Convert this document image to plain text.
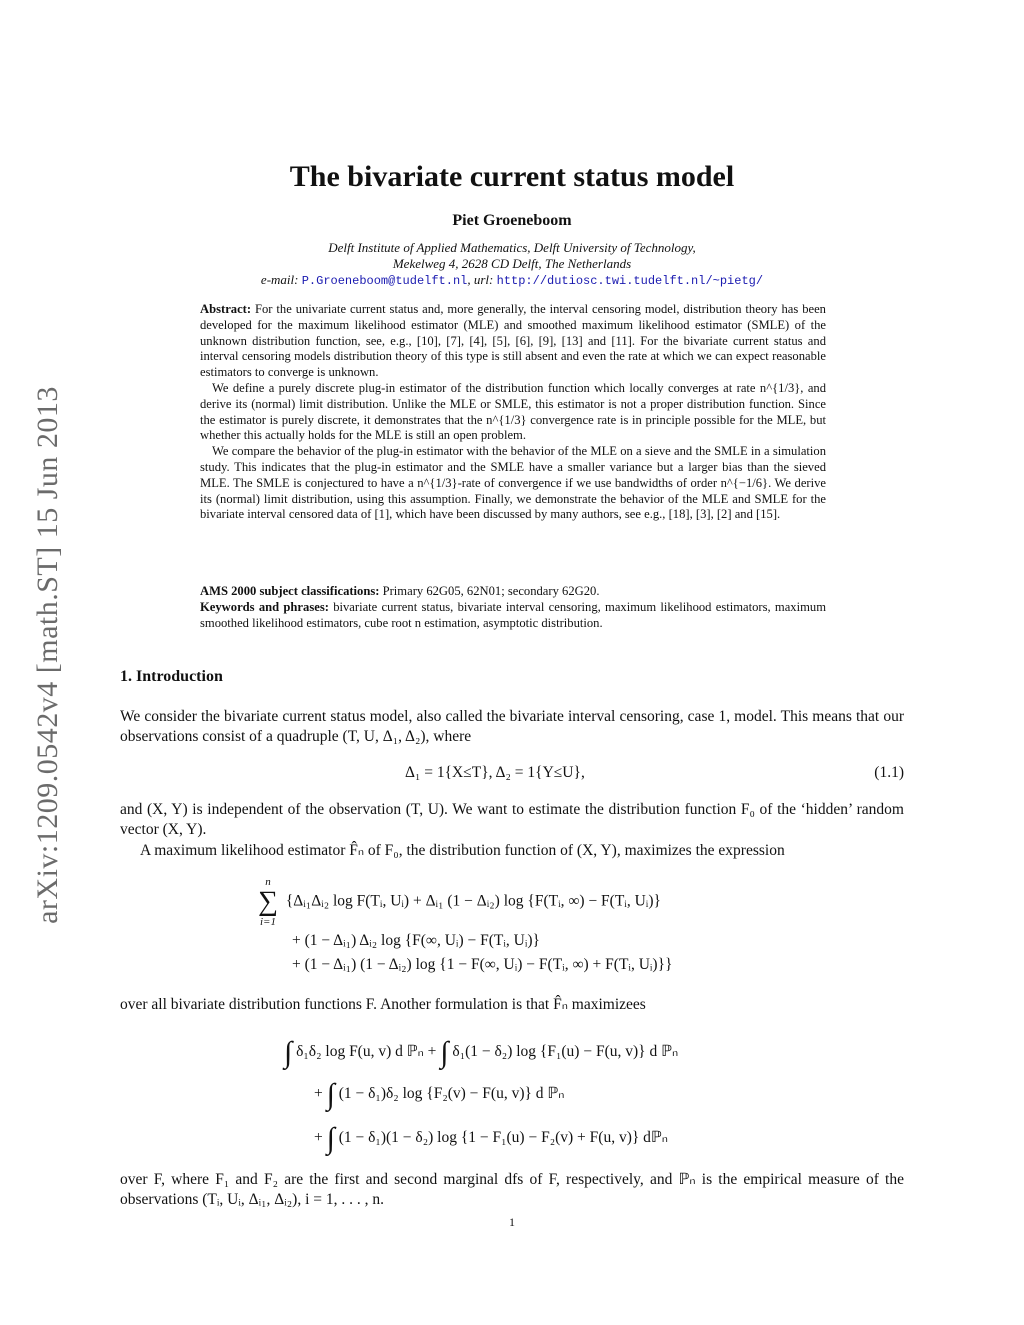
arXiv:1209.0542v4 [math.ST] 15 Jun 2013
The bivariate current status model
Piet Groeneboom
Delft Institute of Applied Mathematics, Delft University of Technology,
Mekelweg 4, 2628 CD Delft, The Netherlands
e-mail: P.Groeneboom@tudelft.nl, url: http://dutiosc.twi.tudelft.nl/~pietg/

Abstract: For the univariate current status and, more generally, the interval censoring model, distribution theory has been developed for the maximum likelihood estimator (MLE) and smoothed maximum likelihood estimator (SMLE) of the unknown distribution function, see, e.g., [10], [7], [4], [5], [6], [9], [13] and [11]. For the bivariate current status and interval censoring models distribution theory of this type is still absent and even the rate at which we can expect reasonable estimators to converge is unknown.

We define a purely discrete plug-in estimator of the distribution function which locally converges at rate n^{1/3}, and derive its (normal) limit distribution. Unlike the MLE or SMLE, this estimator is not a proper distribution function. Since the estimator is purely discrete, it demonstrates that the n^{1/3} convergence rate is in principle possible for the MLE, but whether this actually holds for the MLE is still an open problem.

We compare the behavior of the plug-in estimator with the behavior of the MLE on a sieve and the SMLE in a simulation study. This indicates that the plug-in estimator and the SMLE have a smaller variance but a larger bias than the sieved MLE. The SMLE is conjectured to have a n^{1/3}-rate of convergence if we use bandwidths of order n^{−1/6}. We derive its (normal) limit distribution, using this assumption. Finally, we demonstrate the behavior of the MLE and SMLE for the bivariate interval censored data of [1], which have been discussed by many authors, see e.g., [18], [3], [2] and [15].

AMS 2000 subject classifications: Primary 62G05, 62N01; secondary 62G20.

Keywords and phrases: bivariate current status, bivariate interval censoring, maximum likelihood estimators, maximum smoothed likelihood estimators, cube root n estimation, asymptotic distribution.

1. Introduction
We consider the bivariate current status model, also called the bivariate interval censoring, case 1, model. This means that our observations consist of a quadruple (T, U, Δ₁, Δ₂), where
Δ₁ = 1{X≤T}, Δ₂ = 1{Y≤U},	(1.1)
and (X, Y) is independent of the observation (T, U). We want to estimate the distribution function F₀ of the ‘hidden’ random vector (X, Y).
A maximum likelihood estimator F̂ₙ of F₀, the distribution function of (X, Y), maximizes the expression
n
∑
i=1
{Δᵢ₁Δᵢ₂ log F(Tᵢ, Uᵢ) + Δᵢ₁ (1 − Δᵢ₂) log {F(Tᵢ, ∞) − F(Tᵢ, Uᵢ)}
+ (1 − Δᵢ₁) Δᵢ₂ log {F(∞, Uᵢ) − F(Tᵢ, Uᵢ)}
+ (1 − Δᵢ₁) (1 − Δᵢ₂) log {1 − F(∞, Uᵢ) − F(Tᵢ, ∞) + F(Tᵢ, Uᵢ)}}
over all bivariate distribution functions F. Another formulation is that F̂ₙ maximizees
∫ δ₁δ₂ log F(u, v) d ℙₙ + ∫ δ₁(1 − δ₂) log {F₁(u) − F(u, v)} d ℙₙ
+ ∫ (1 − δ₁)δ₂ log {F₂(v) − F(u, v)} d ℙₙ
+ ∫ (1 − δ₁)(1 − δ₂) log {1 − F₁(u) − F₂(v) + F(u, v)} dℙₙ
over F, where F₁ and F₂ are the first and second marginal dfs of F, respectively, and ℙₙ is the empirical measure of the observations (Tᵢ, Uᵢ, Δᵢ₁, Δᵢ₂), i = 1, . . . , n.
1
